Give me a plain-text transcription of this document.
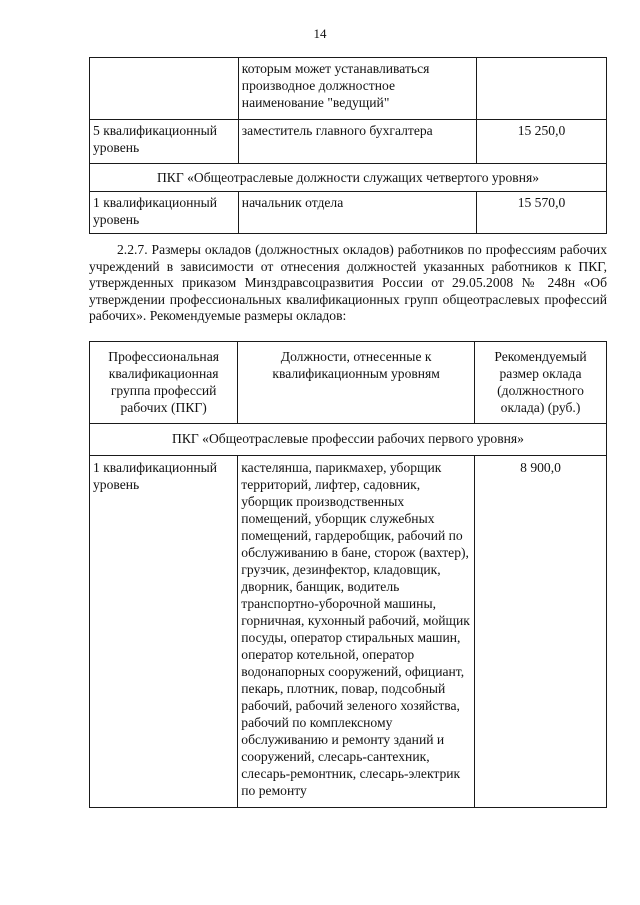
14
	которым может устанавливаться производное должностное наименование "ведущий"	
5 квалификационный уровень	заместитель главного бухгалтера	15 250,0
ПКГ «Общеотраслевые должности служащих четвертого уровня»		
1 квалификационный уровень	начальник отдела	15 570,0
2.2.7. Размеры окладов (должностных окладов) работников по профессиям рабочих учреждений в зависимости от отнесения должностей указанных работников к ПКГ, утвержденных приказом Минздравсоцразвития России от 29.05.2008 № 248н «Об утверждении профессиональных квалификационных групп общеотраслевых профессий рабочих». Рекомендуемые размеры окладов:
Профессиональная квалификационная группа профессий рабочих (ПКГ)	Должности, отнесенные к квалификационным уровням	Рекомендуемый размер оклада (должностного оклада) (руб.)
ПКГ «Общеотраслевые профессии рабочих первого уровня»		
1 квалификационный уровень	кастелянша, парикмахер, уборщик территорий, лифтер, садовник, уборщик производственных помещений, уборщик служебных помещений, гардеробщик, рабочий по обслуживанию в бане, сторож (вахтер), грузчик, дезинфектор, кладовщик, дворник, банщик, водитель транспортно-уборочной машины, горничная, кухонный рабочий, мойщик посуды, оператор стиральных машин, оператор котельной, оператор водонапорных сооружений, официант, пекарь, плотник, повар, подсобный рабочий, рабочий зеленого хозяйства, рабочий по комплексному обслуживанию и ремонту зданий и сооружений, слесарь-сантехник, слесарь-ремонтник, слесарь-электрик по ремонту	8 900,0
